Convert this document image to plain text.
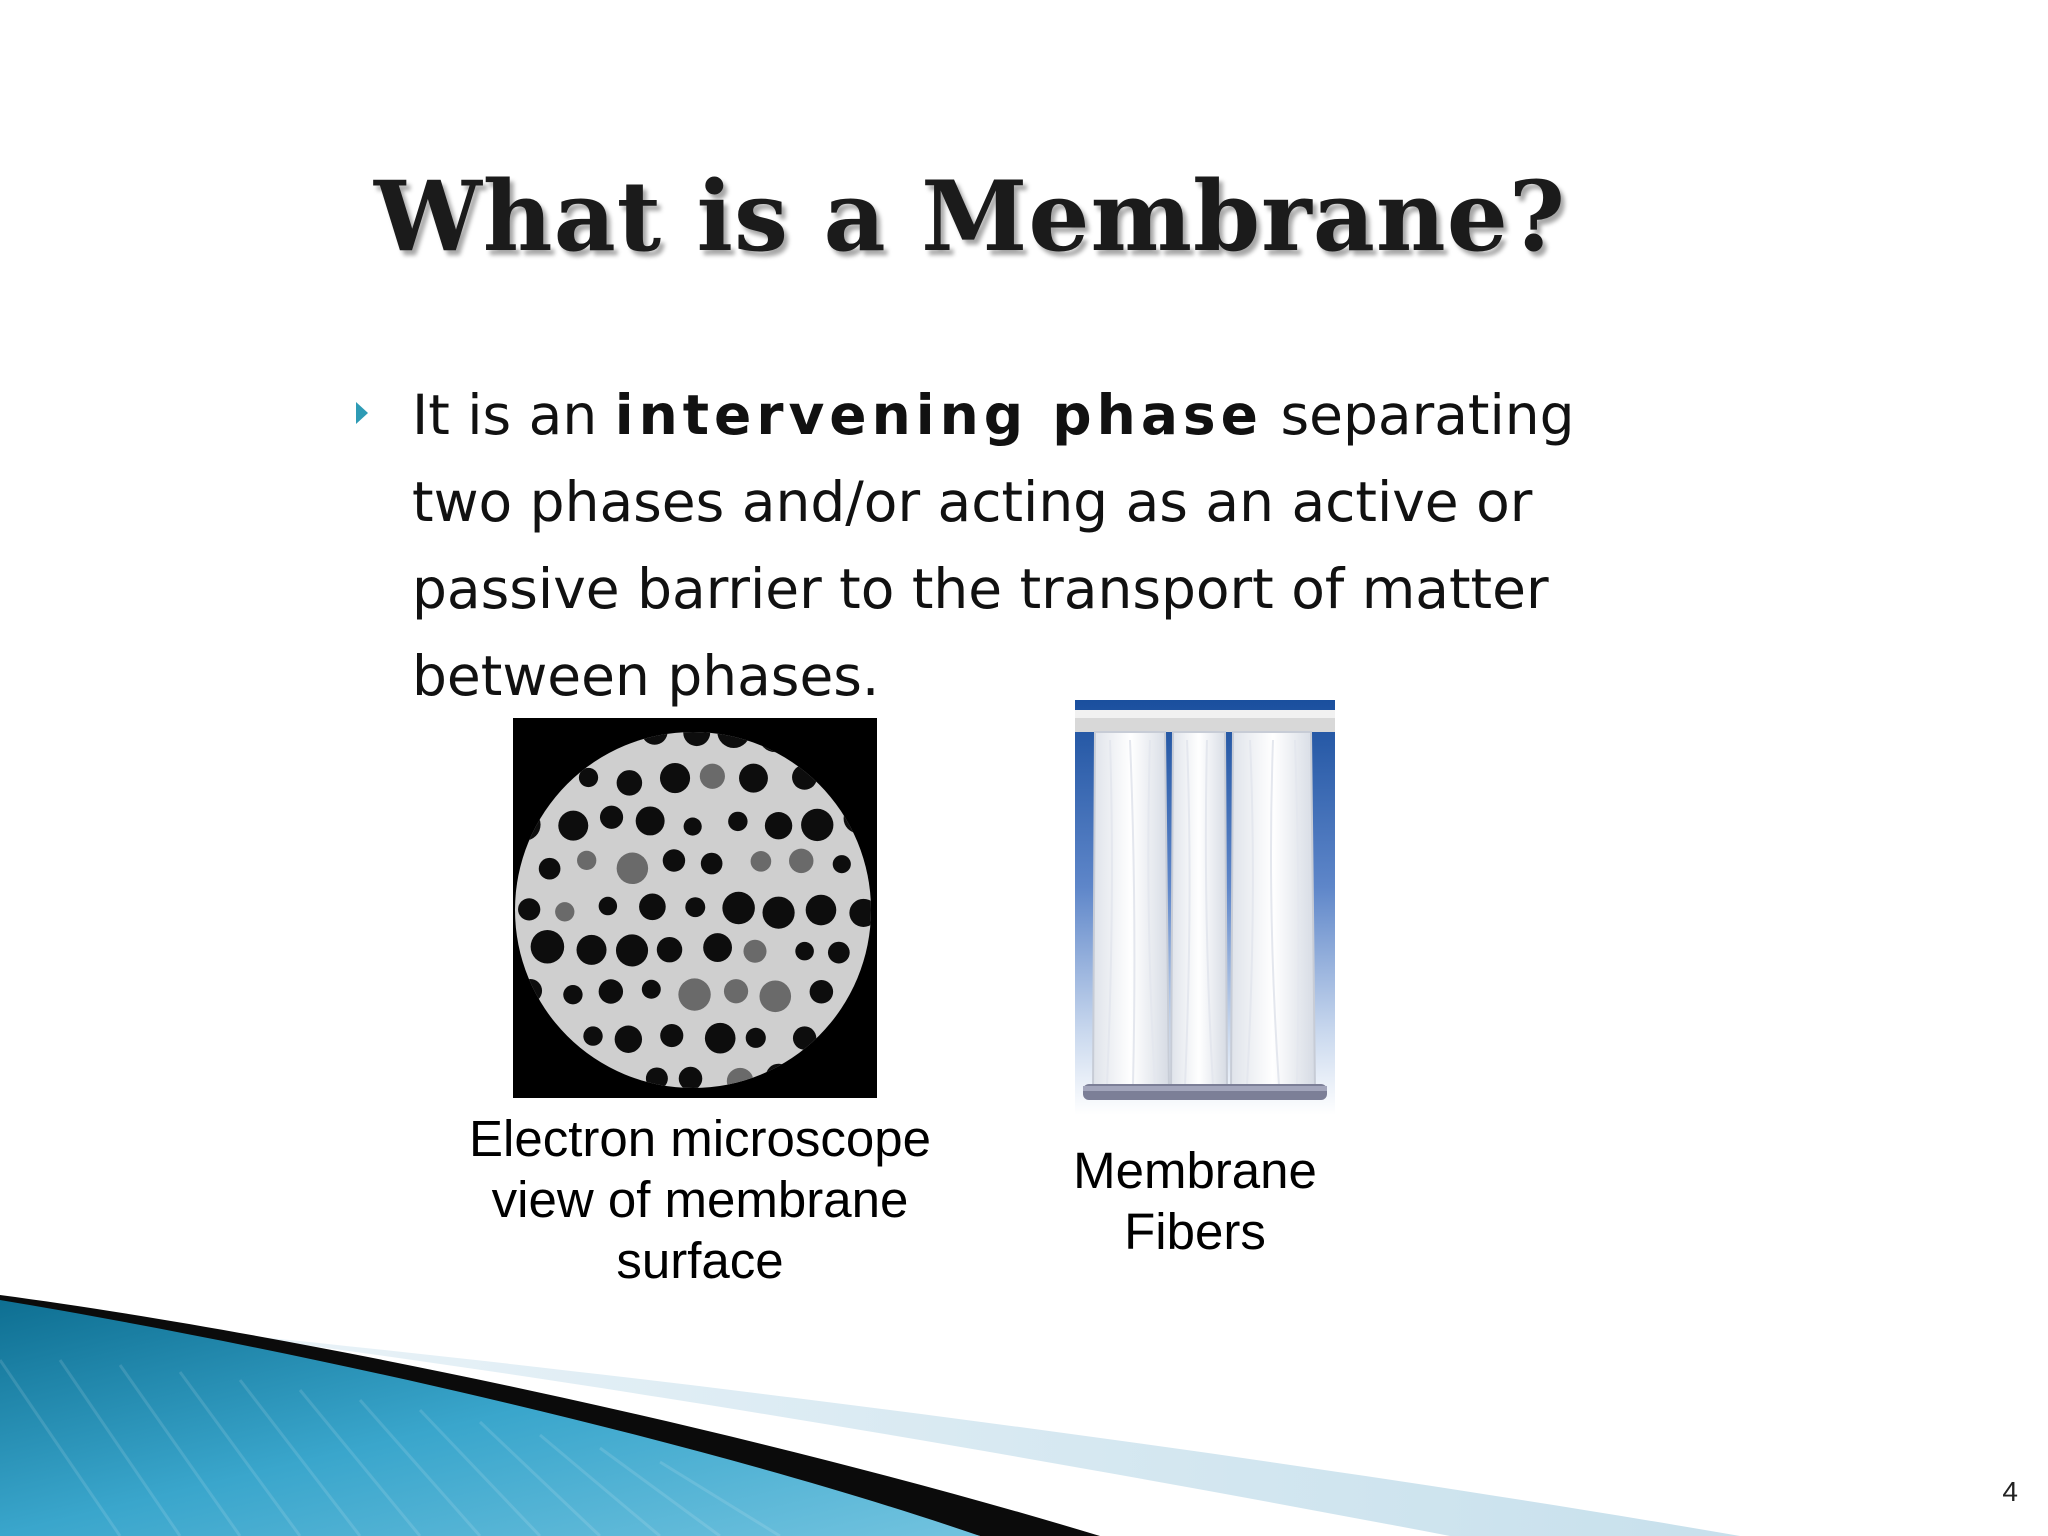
What is a Membrane?
It is an intervening phase separating two phases and/or acting as an active or passive barrier to the transport of matter between phases.
Electron microscope view of membrane surface
Membrane Fibers
4
